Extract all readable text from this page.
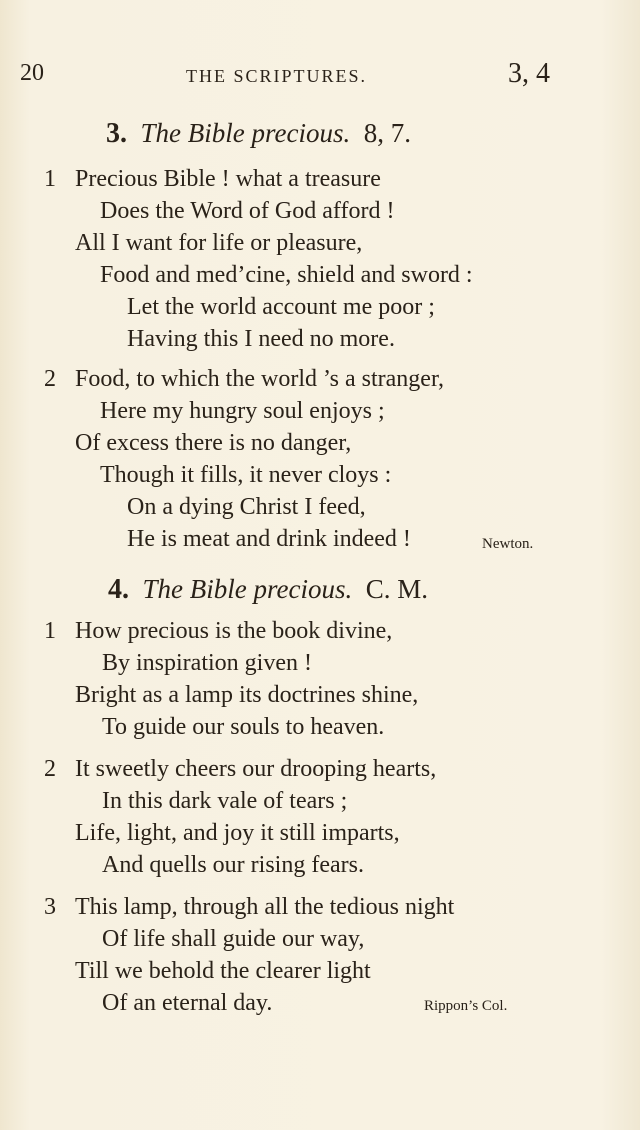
20	THE SCRIPTURES.	3, 4
3. The Bible precious. 8, 7.
1 Precious Bible ! what a treasure
Does the Word of God afford !
All I want for life or pleasure,
Food and med’cine, shield and sword :
Let the world account me poor ;
Having this I need no more.
2 Food, to which the world ’s a stranger,
Here my hungry soul enjoys ;
Of excess there is no danger,
Though it fills, it never cloys :
On a dying Christ I feed,
He is meat and drink indeed !	Newton.
4. The Bible precious. C. M.
1 How precious is the book divine,
By inspiration given !
Bright as a lamp its doctrines shine,
To guide our souls to heaven.
2 It sweetly cheers our drooping hearts,
In this dark vale of tears ;
Life, light, and joy it still imparts,
And quells our rising fears.
3 This lamp, through all the tedious night
Of life shall guide our way,
Till we behold the clearer light
Of an eternal day.	Rippon’s Col.
